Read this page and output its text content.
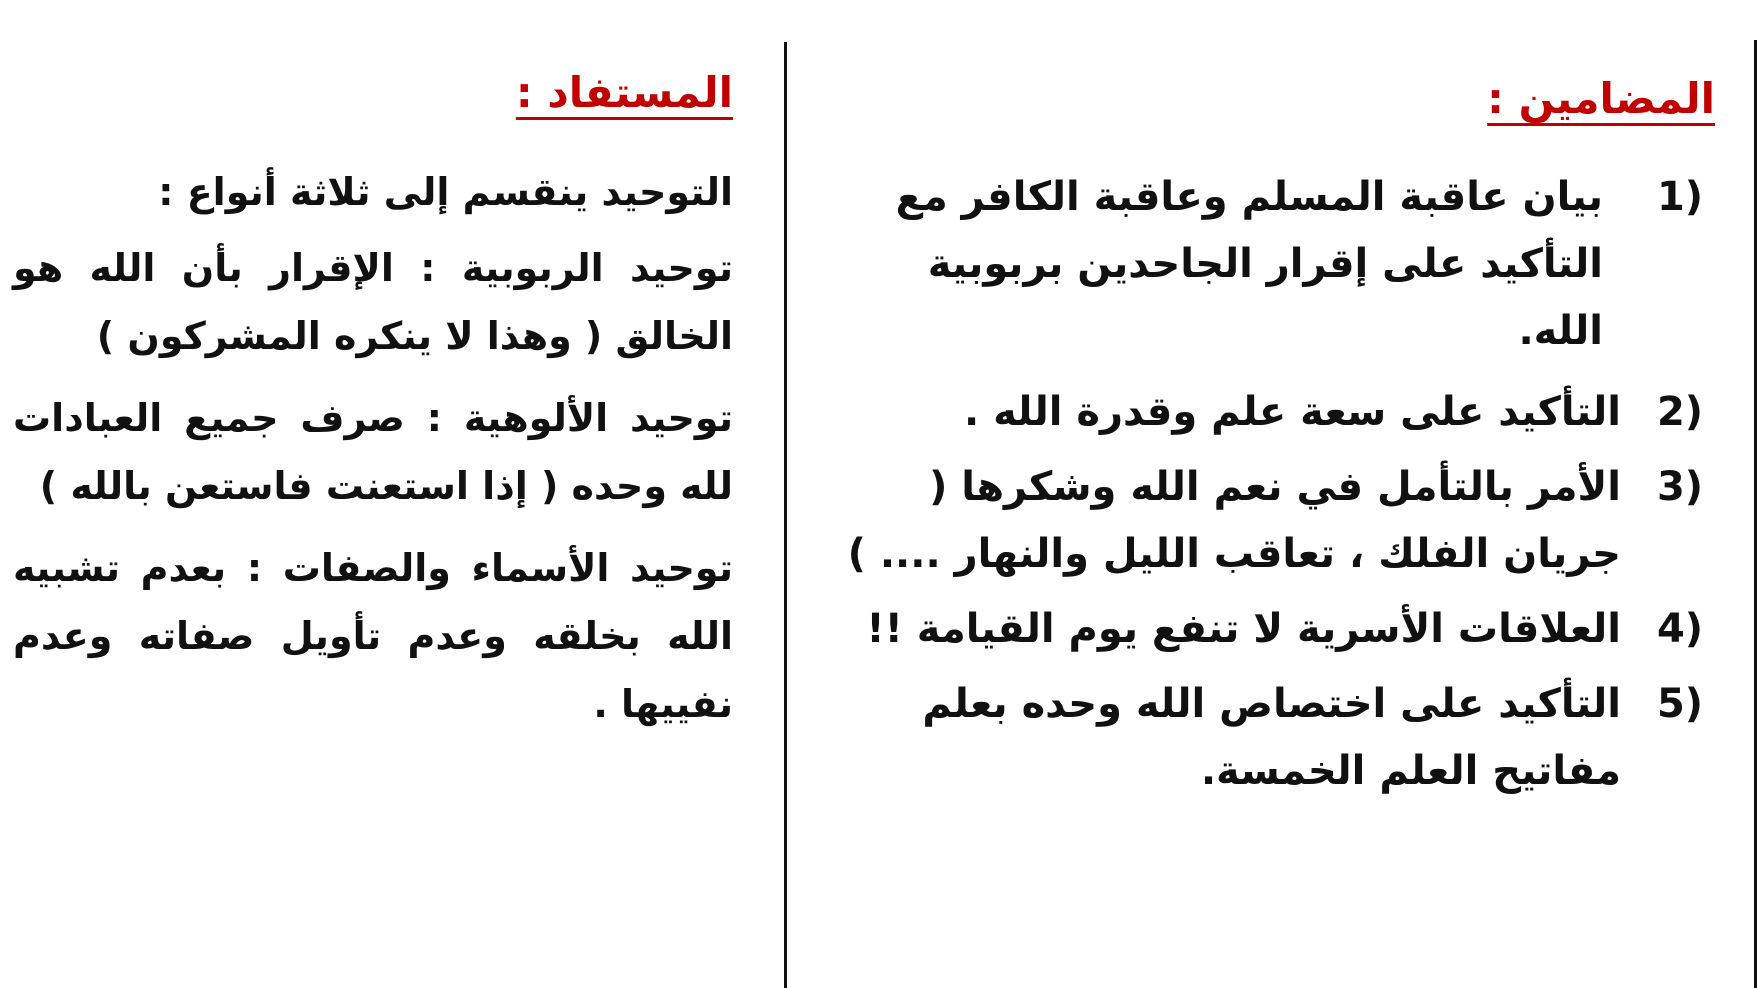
المضامين :
1)
بيان عاقبة المسلم وعاقبة الكافر مع التأكيد على إقرار الجاحدين بربوبية الله.
2)
التأكيد على سعة علم وقدرة الله .
3)
الأمر بالتأمل في نعم الله وشكرها ( جريان الفلك ، تعاقب الليل والنهار .... )
4)
العلاقات الأسرية لا تنفع يوم القيامة !!
5)
التأكيد على اختصاص الله وحده بعلم مفاتيح العلم الخمسة.
المستفاد :

التوحيد ينقسم إلى ثلاثة أنواع :

توحيد الربوبية : الإقرار بأن الله هو الخالق ( وهذا لا ينكره المشركون )

توحيد الألوهية : صرف جميع العبادات لله وحده ( إذا استعنت فاستعن بالله )

توحيد الأسماء والصفات : بعدم تشبيه الله بخلقه وعدم تأويل صفاته وعدم نفييها .
